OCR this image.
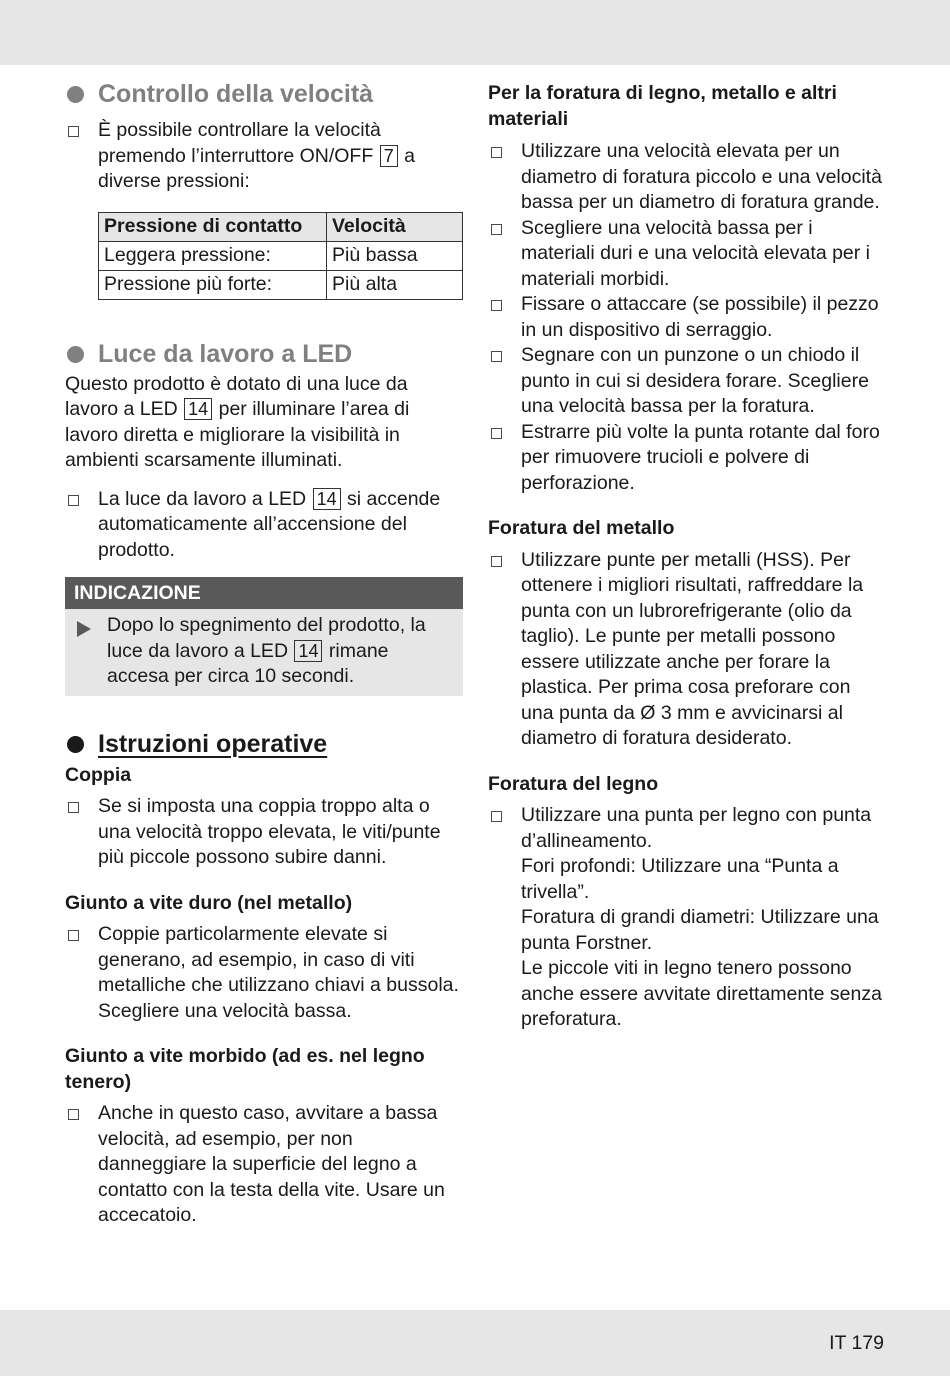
Controllo della velocità

È possibile controllare la velocità premendo l’interruttore ON/OFF 7 a diverse pressioni:

Pressione di contatto	Velocità
Leggera pressione:	Più bassa
Pressione più forte:	Più alta
Luce da lavoro a LED

Questo prodotto è dotato di una luce da lavoro a LED 14 per illuminare l’area di lavoro diretta e migliorare la visibilità in ambienti scarsamente illuminati.

La luce da lavoro a LED 14 si accende automaticamente all’accensione del prodotto.

INDICAZIONE
Dopo lo spegnimento del prodotto, la luce da lavoro a LED 14 rimane accesa per circa 10 secondi.
Istruzioni operative

Coppia

Se si imposta una coppia troppo alta o una velocità troppo elevata, le viti/punte più piccole possono subire danni.

Giunto a vite duro (nel metallo)

Coppie particolarmente elevate si generano, ad esempio, in caso di viti metalliche che utilizzano chiavi a bussola. Scegliere una velocità bassa.

Giunto a vite morbido (ad es. nel legno tenero)

Anche in questo caso, avvitare a bassa velocità, ad esempio, per non danneggiare la superficie del legno a contatto con la testa della vite. Usare un accecatoio.

Per la foratura di legno, metallo e altri materiali

Utilizzare una velocità elevata per un diametro di foratura piccolo e una velocità bassa per un diametro di foratura grande.

Scegliere una velocità bassa per i materiali duri e una velocità elevata per i materiali morbidi.

Fissare o attaccare (se possibile) il pezzo in un dispositivo di serraggio.

Segnare con un punzone o un chiodo il punto in cui si desidera forare. Scegliere una velocità bassa per la foratura.

Estrarre più volte la punta rotante dal foro per rimuovere trucioli e polvere di perforazione.

Foratura del metallo

Utilizzare punte per metalli (HSS). Per ottenere i migliori risultati, raffreddare la punta con un lubrorefrigerante (olio da taglio). Le punte per metalli possono essere utilizzate anche per forare la plastica. Per prima cosa preforare con una punta da Ø 3 mm e avvicinarsi al diametro di foratura desiderato.

Foratura del legno

Utilizzare una punta per legno con punta d’allineamento.
Fori profondi: Utilizzare una “Punta a trivella”.
Foratura di grandi diametri: Utilizzare una punta Forstner.
Le piccole viti in legno tenero possono anche essere avvitate direttamente senza preforatura.
IT 179
